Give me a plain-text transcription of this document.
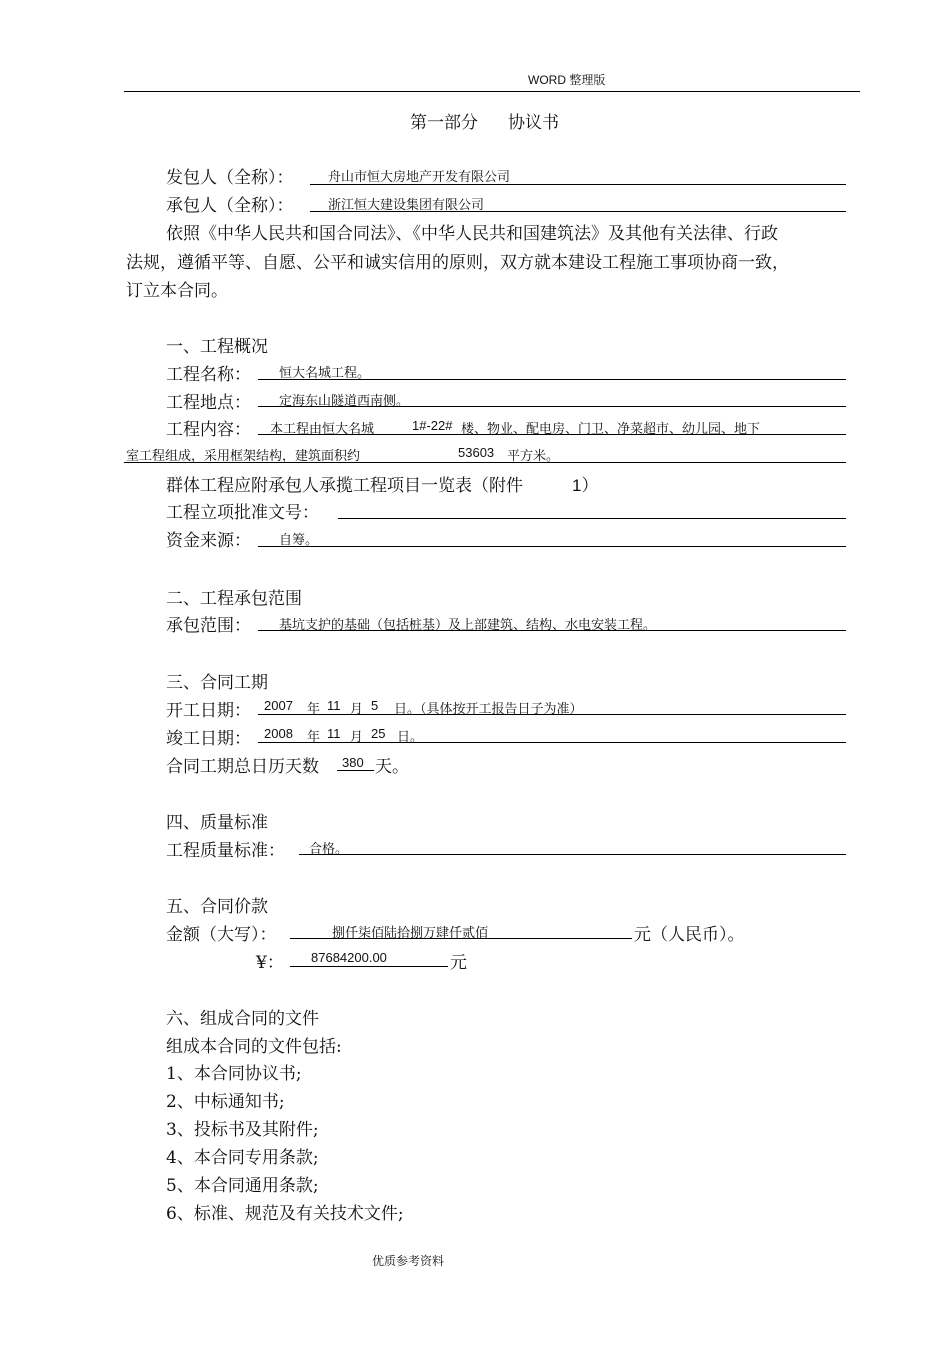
WORD 整理版
第一部分 协议书
发包人（全称）：	舟山市恒大房地产开发有限公司
承包人（全称）：	浙江恒大建设集团有限公司
依照《中华人民共和国合同法》、《中华人民共和国建筑法》及其他有关法律、行政
法规，遵循平等、自愿、公平和诚实信用的原则，双方就本建设工程施工事项协商一致，
订立本合同。
一、工程概况
工程名称： 恒大名城工程。
工程地点： 定海东山隧道西南侧。
工程内容： 本工程由恒大名城	1#-22# 楼、物业、配电房、门卫、净菜超市、幼儿园、地下
室工程组成，采用框架结构，建筑面积约	53603 平方米。
群体工程应附承包人承揽工程项目一览表（附件	1）
工程立项批准文号：
资金来源： 自筹。
二、工程承包范围
承包范围： 基坑支护的基础（包括桩基）及上部建筑、结构、水电安装工程。
三、合同工期
开工日期： 2007 年 11 月 5 日。（具体按开工报告日子为准）
竣工日期： 2008 年 11 月 25 日。
合同工期总日历天数 380 天。
四、质量标准
工程质量标准： 合格。
五、合同价款
金额（大写）：	捌仟柒佰陆拾捌万肆仟贰佰	元（人民币）。
¥： 87684200.00	元
六、组成合同的文件
组成本合同的文件包括:
1、本合同协议书;
2、中标通知书;
3、投标书及其附件;
4、本合同专用条款;
5、本合同通用条款;
6、标准、规范及有关技术文件;
优质参考资料
